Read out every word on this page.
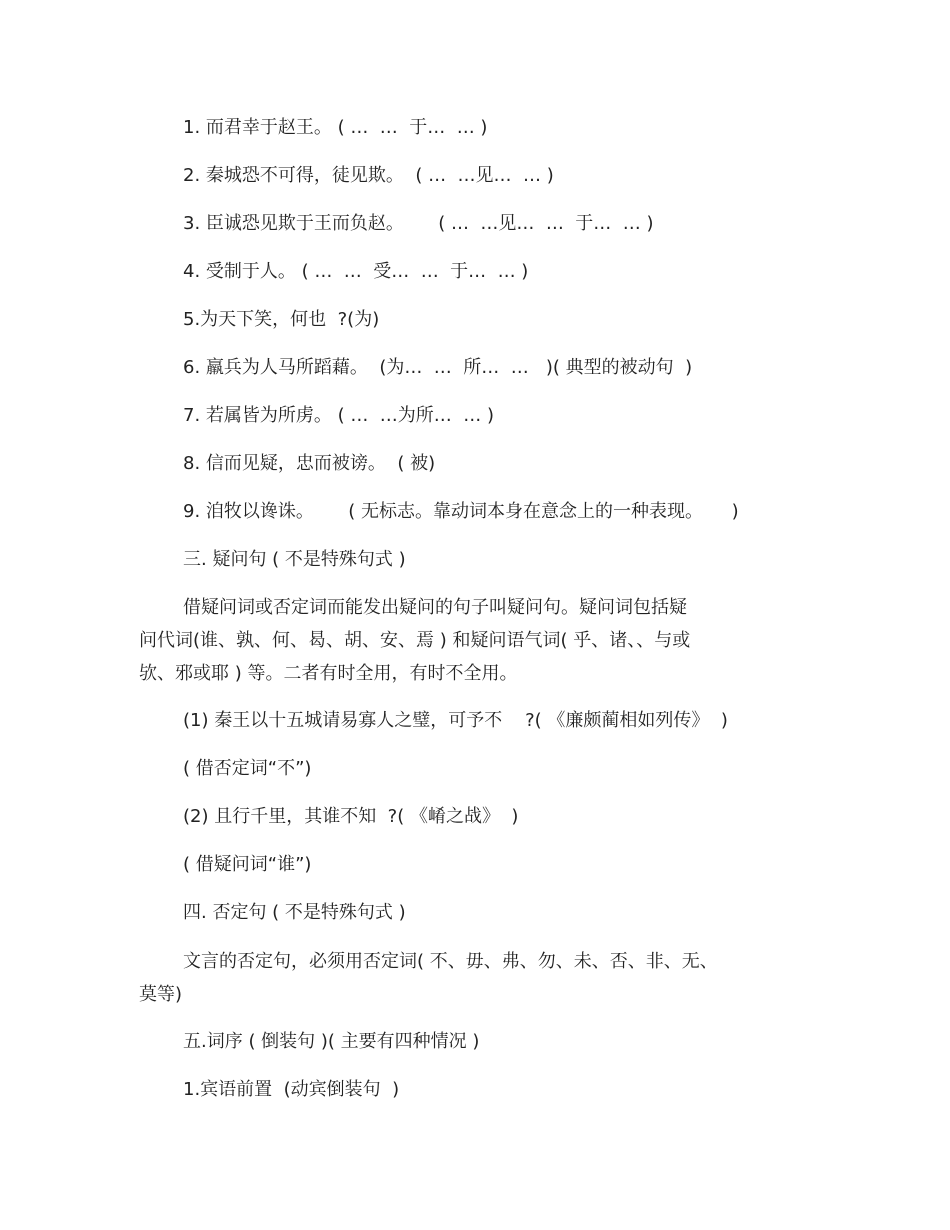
1. 而君幸于赵王。 ( …  …  于…  … )
2. 秦城恐不可得，徒见欺。  ( …  …见…  … )
3. 臣诚恐见欺于王而负赵。      ( …  …见…  …  于…  … )
4. 受制于人。 ( …  …  受…  …  于…  … )
5.为天下笑，何也  ?(为)
6. 羸兵为人马所蹈藉。  (为…  …  所…  …   )( 典型的被动句  )
7. 若属皆为所虏。 ( …  …为所…  … )
8. 信而见疑，忠而被谤。  ( 被)
9. 洎牧以谗诛。      ( 无标志。靠动词本身在意念上的一种表现。     )
三. 疑问句 ( 不是特殊句式 )
借疑问词或否定词而能发出疑问的句子叫疑问句。疑问词包括疑
问代词(谁、孰、何、曷、胡、安、焉 ) 和疑问语气词( 乎、诸、、与或
欤、邪或耶 ) 等。二者有时全用，有时不全用。
(1) 秦王以十五城请易寡人之璧，可予不    ?( 《廉颇蔺相如列传》  )
( 借否定词“不”)
(2) 且行千里，其谁不知  ?( 《崤之战》  )
( 借疑问词“谁”)
四. 否定句 ( 不是特殊句式 )
文言的否定句，必须用否定词( 不、毋、弗、勿、未、否、非、无、
莫等)
五.词序 ( 倒装句 )( 主要有四种情况 )
1.宾语前置  (动宾倒装句  )
